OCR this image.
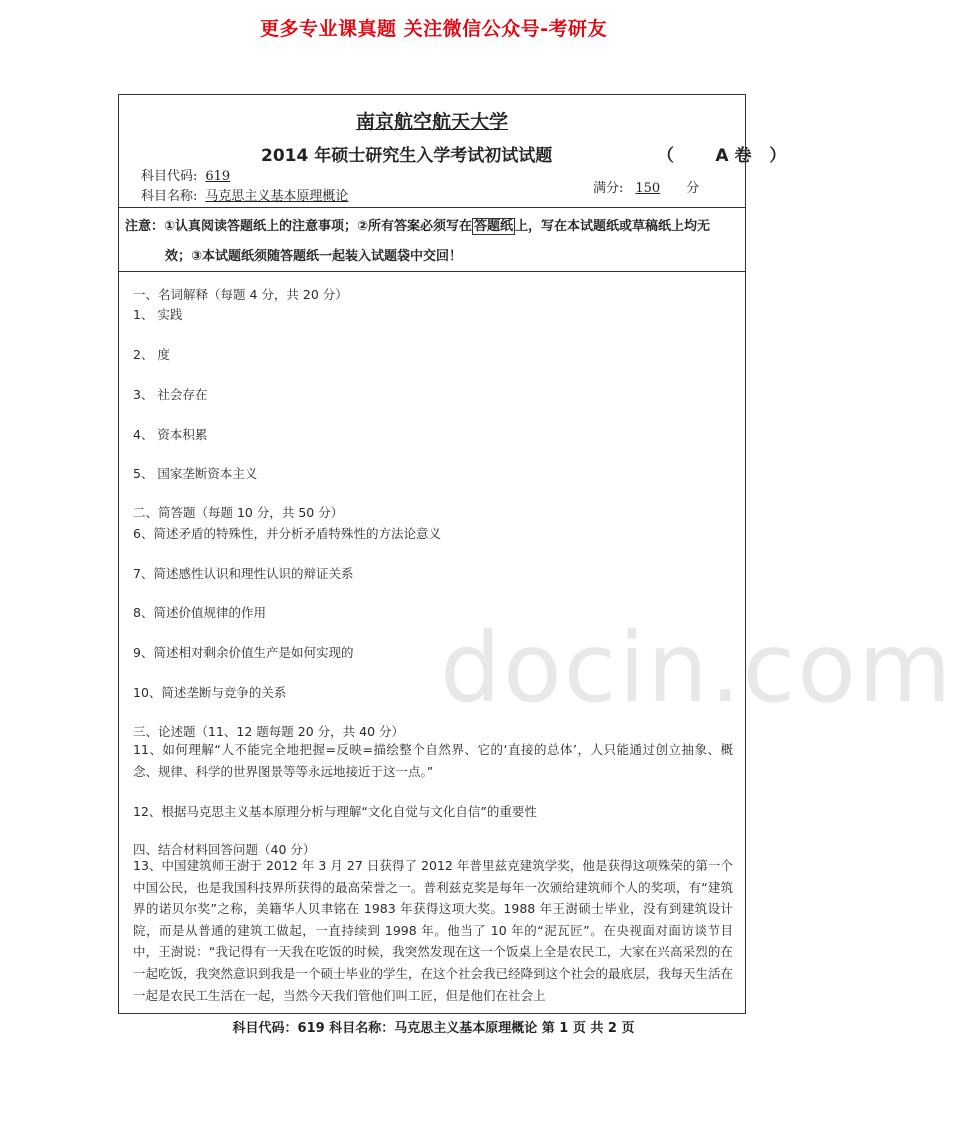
更多专业课真题 关注微信公众号-考研友
南京航空航天大学
2014 年硕士研究生入学考试初试试题	（       A 卷   ）
科目代码: 619
科目名称: 马克思主义基本原理概论
满分: 150 分
注意：①认真阅读答题纸上的注意事项；②所有答案必须写在 答题纸 上，写在本试题纸或草稿纸上均无
效；③本试题纸须随答题纸一起装入试题袋中交回！
一、名词解释（每题 4 分，共 20 分）
1、 实践
2、 度
3、 社会存在
4、 资本积累
5、 国家垄断资本主义
二、简答题（每题 10 分，共 50 分）
6、简述矛盾的特殊性，并分析矛盾特殊性的方法论意义
7、简述感性认识和理性认识的辩证关系
8、简述价值规律的作用
9、简述相对剩余价值生产是如何实现的
10、简述垄断与竞争的关系
三、论述题（11、12 题每题 20 分，共 40 分）
11、如何理解“人不能完全地把握=反映=描绘整个自然界、它的‘直接的总体’，人只能通过创立抽象、概念、规律、科学的世界图景等等永远地接近于这一点。”
12、根据马克思主义基本原理分析与理解“文化自觉与文化自信”的重要性
四、结合材料回答问题（40 分）
13、中国建筑师王澍于 2012 年 3 月 27 日获得了 2012 年普里兹克建筑学奖，他是获得这项殊荣的第一个中国公民，也是我国科技界所获得的最高荣誉之一。普利兹克奖是每年一次颁给建筑师个人的奖项，有“建筑界的诺贝尔奖”之称，美籍华人贝聿铭在 1983 年获得这项大奖。1988 年王澍硕士毕业，没有到建筑设计院，而是从普通的建筑工做起，一直持续到 1998 年。他当了 10 年的“泥瓦匠”。在央视面对面访谈节目中，王澍说：“我记得有一天我在吃饭的时候，我突然发现在这一个饭桌上全是农民工，大家在兴高采烈的在一起吃饭，我突然意识到我是一个硕士毕业的学生，在这个社会我已经降到这个社会的最底层，我每天生活在一起是农民工生活在一起，当然今天我们管他们叫工匠，但是他们在社会上
docin.com
科目代码：619 科目名称：马克思主义基本原理概论 第 1 页 共 2 页
